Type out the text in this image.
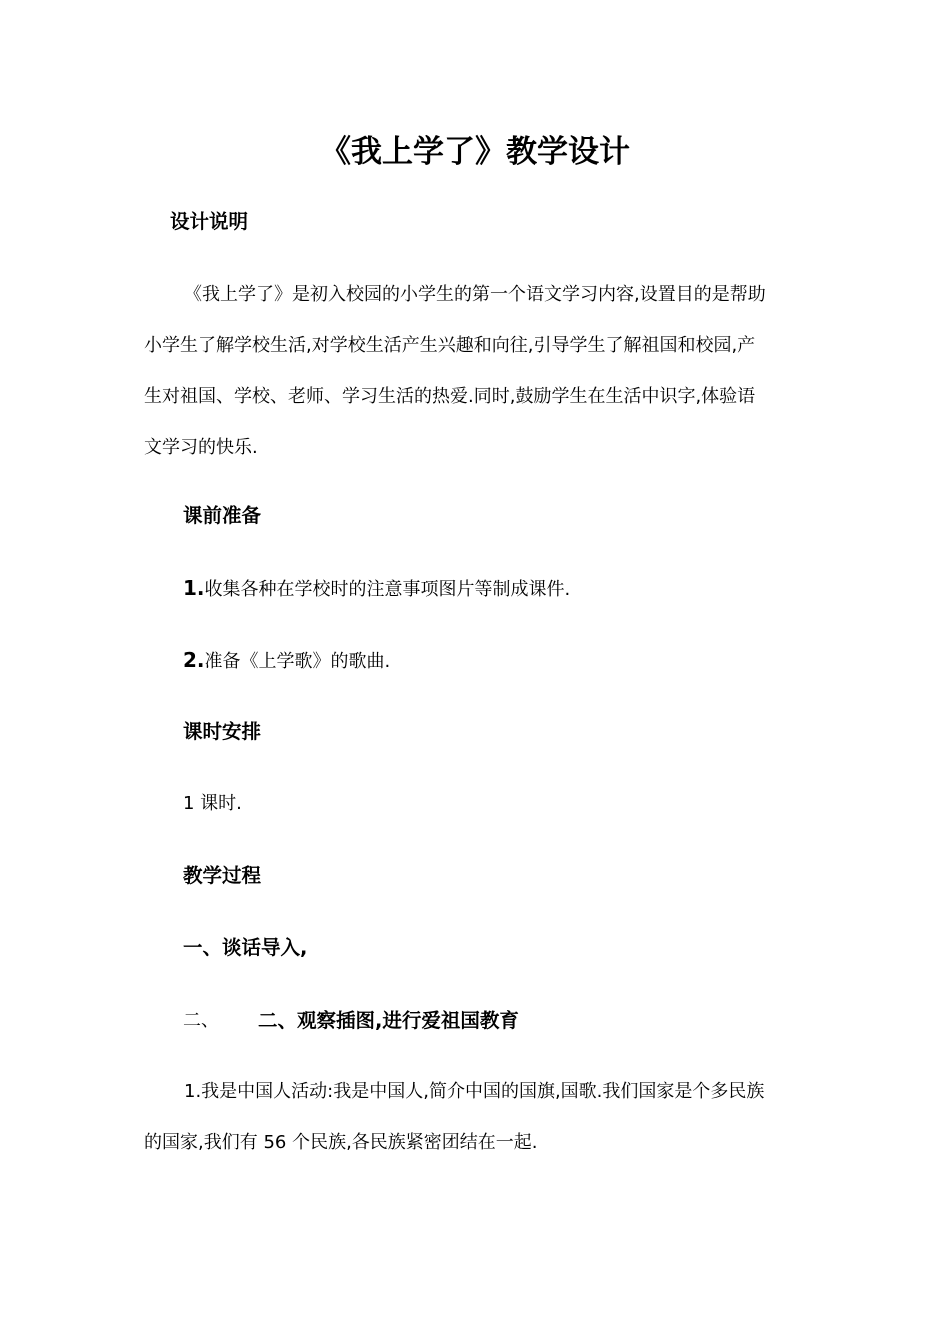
《我上学了》教学设计
设计说明
《我上学了》是初入校园的小学生的第一个语文学习内容,设置目的是帮助
小学生了解学校生活,对学校生活产生兴趣和向往,引导学生了解祖国和校园,产
生对祖国、学校、老师、学习生活的热爱.同时,鼓励学生在生活中识字,体验语
文学习的快乐.
课前准备
1.收集各种在学校时的注意事项图片等制成课件.
2.准备《上学歌》的歌曲.
课时安排
1 课时.
教学过程
一、谈话导入,
二、 二、观察插图,进行爱祖国教育
1.我是中国人活动:我是中国人,简介中国的国旗,国歌.我们国家是个多民族
的国家,我们有 56 个民族,各民族紧密团结在一起.
